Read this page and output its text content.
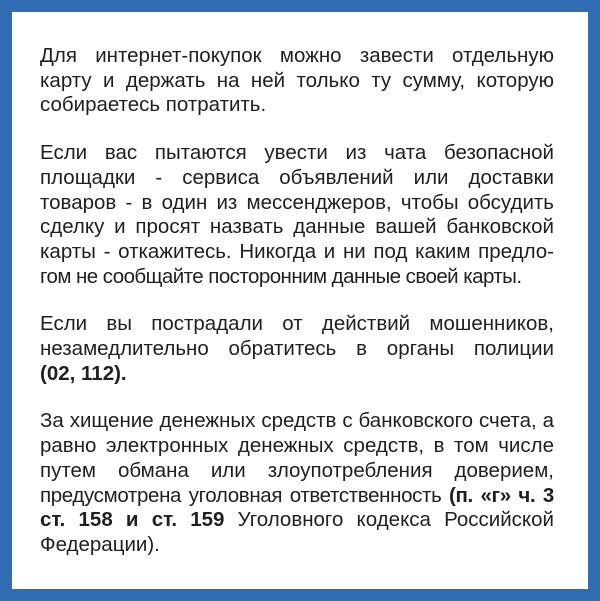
Для интернет-покупок можно завести отдельную
карту и держать на ней только ту сумму, которую
собираетесь потратить.

Если вас пытаются увести из чата безопасной
площадки - сервиса объявлений или доставки
товаров - в один из мессенджеров, чтобы обсудить
сделку и просят назвать данные вашей банковской
карты - откажитесь. Никогда и ни под каким предло-
гом не сообщайте посторонним данные своей карты.

Если вы пострадали от действий мошенников,
незамедлительно обратитесь в органы полиции
(02, 112).

За хищение денежных средств с банковского счета, а
равно электронных денежных средств, в том числе
путем обмана или злоупотребления доверием,
предусмотрена уголовная ответственность (п. «г» ч. 3
ст. 158 и ст. 159 Уголовного кодекса Российской
Федерации).
